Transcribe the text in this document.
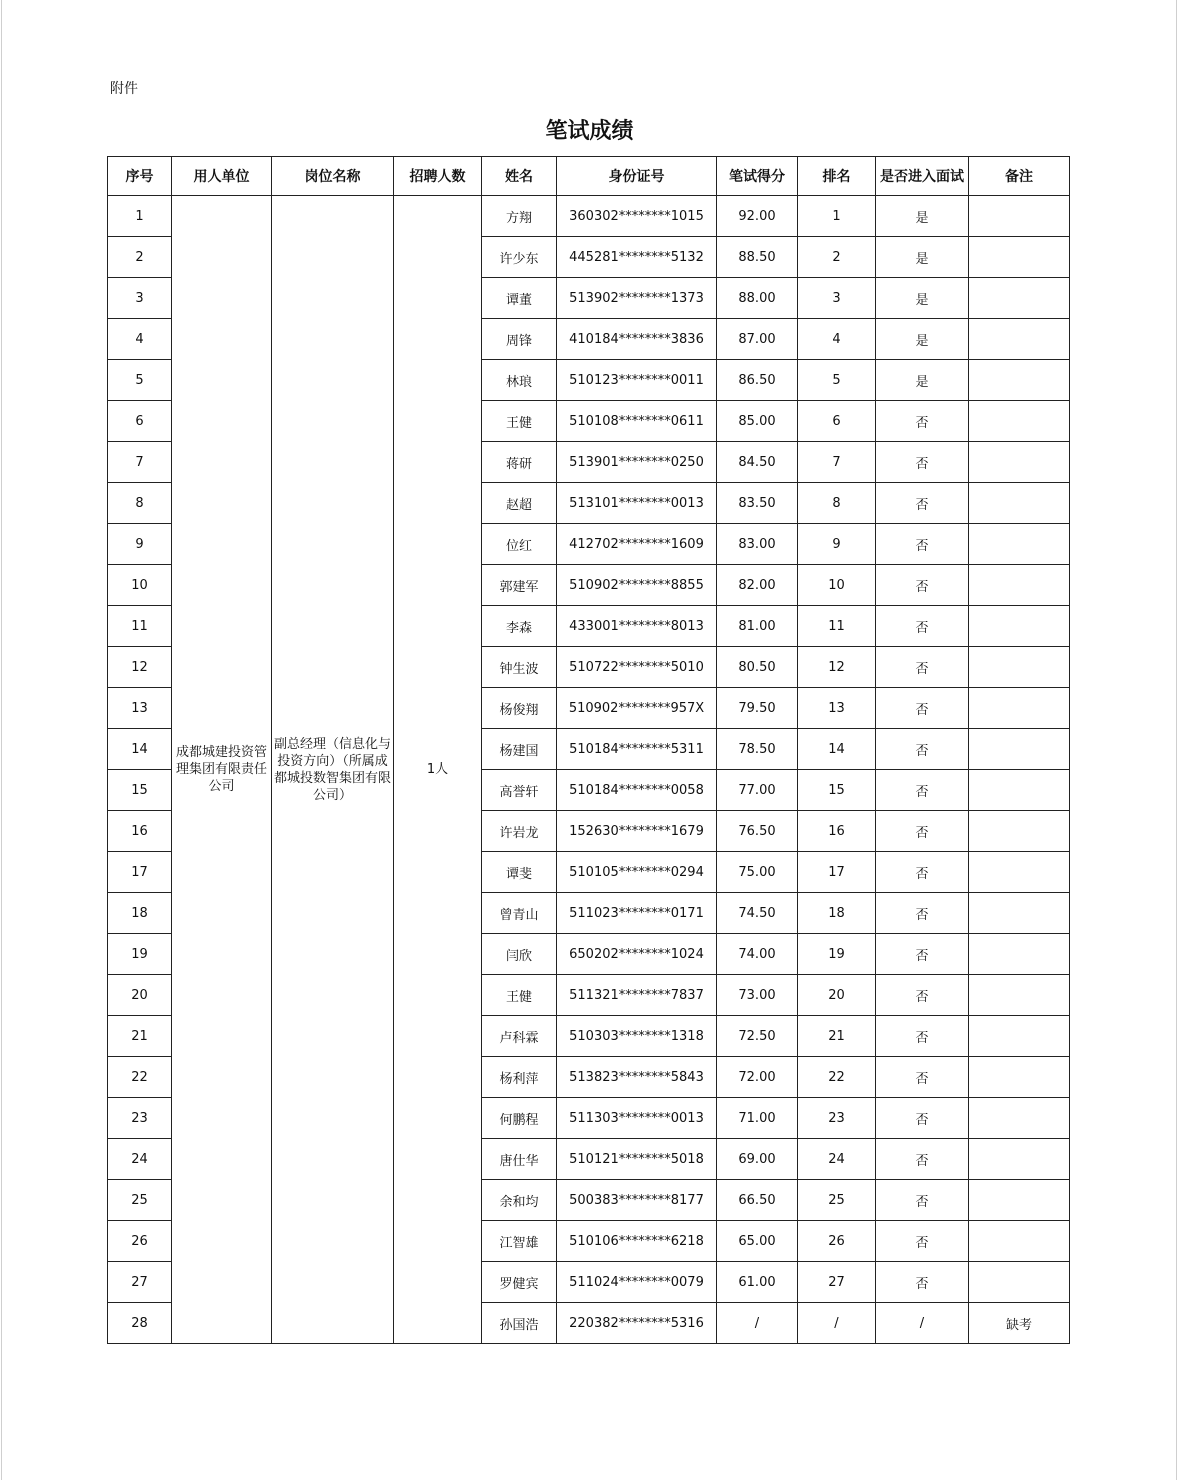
附件
笔试成绩
序号	用人单位	岗位名称	招聘人数	姓名	身份证号	笔试得分	排名	是否进入面试	备注
1	成都城建投资管理集团有限责任公司	副总经理（信息化与投资方向）（所属成都城投数智集团有限公司）	1人	方翔	360302********1015	92.00	1	是	
2				许少东	445281********5132	88.50	2	是	
3				谭董	513902********1373	88.00	3	是	
4				周锋	410184********3836	87.00	4	是	
5				林琅	510123********0011	86.50	5	是	
6				王健	510108********0611	85.00	6	否	
7				蒋研	513901********0250	84.50	7	否	
8				赵超	513101********0013	83.50	8	否	
9				位红	412702********1609	83.00	9	否	
10				郭建军	510902********8855	82.00	10	否	
11				李森	433001********8013	81.00	11	否	
12				钟生波	510722********5010	80.50	12	否	
13				杨俊翔	510902********957X	79.50	13	否	
14				杨建国	510184********5311	78.50	14	否	
15				高誉轩	510184********0058	77.00	15	否	
16				许岩龙	152630********1679	76.50	16	否	
17				谭斐	510105********0294	75.00	17	否	
18				曾青山	511023********0171	74.50	18	否	
19				闫欣	650202********1024	74.00	19	否	
20				王健	511321********7837	73.00	20	否	
21				卢科霖	510303********1318	72.50	21	否	
22				杨利萍	513823********5843	72.00	22	否	
23				何鹏程	511303********0013	71.00	23	否	
24				唐仕华	510121********5018	69.00	24	否	
25				余和均	500383********8177	66.50	25	否	
26				江智雄	510106********6218	65.00	26	否	
27				罗健宾	511024********0079	61.00	27	否	
28				孙国浩	220382********5316	/	/	/	缺考
